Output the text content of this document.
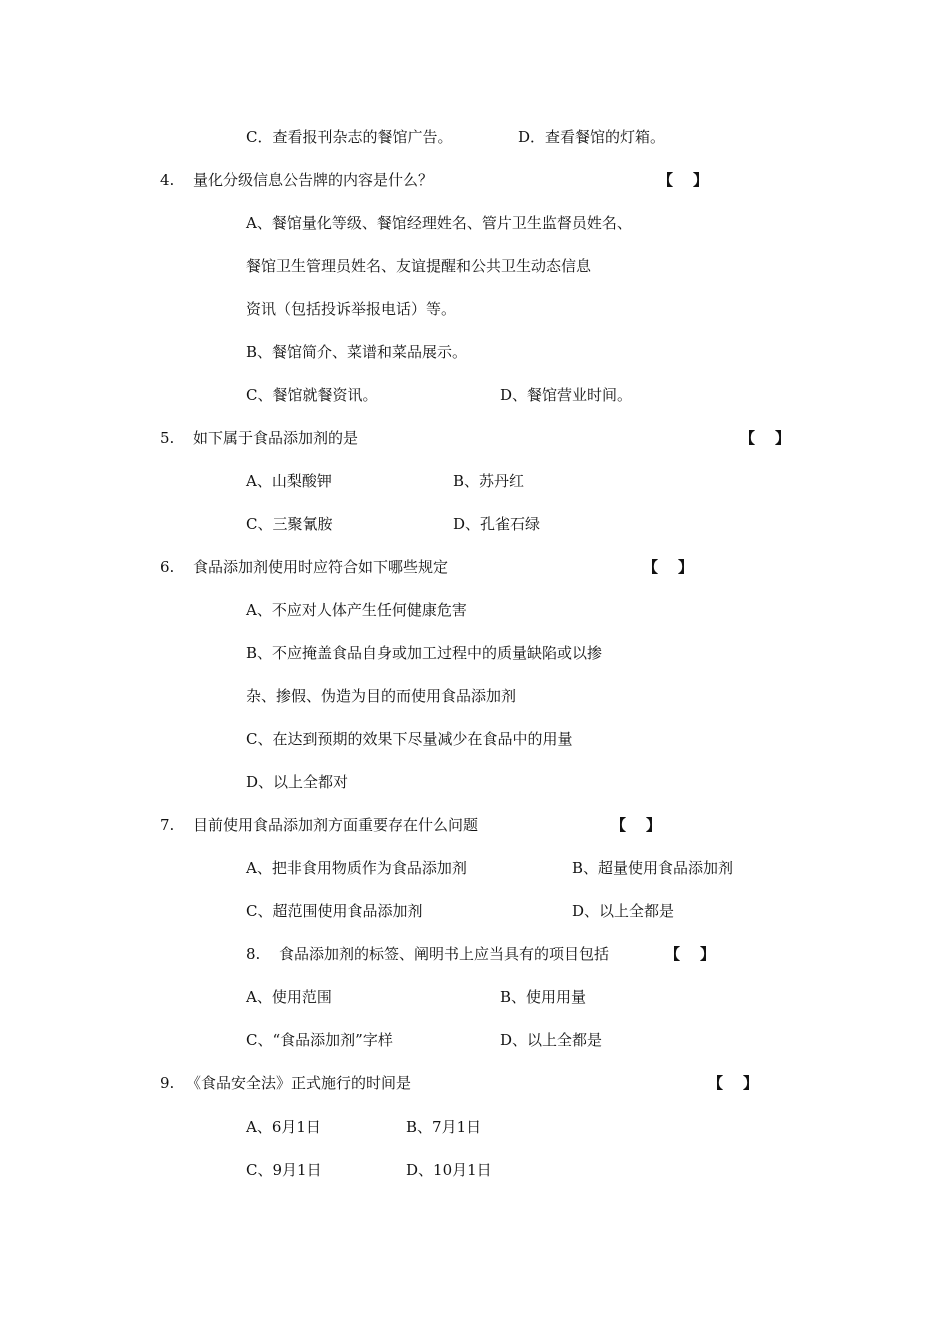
C．查看报刊杂志的餐馆广告。	D．查看餐馆的灯箱。
4. 量化分级信息公告牌的内容是什么？	【 】
A、餐馆量化等级、餐馆经理姓名、管片卫生监督员姓名、
餐馆卫生管理员姓名、友谊提醒和公共卫生动态信息
资讯（包括投诉举报电话）等。
B、餐馆简介、菜谱和菜品展示。
C、餐馆就餐资讯。	D、餐馆营业时间。
5. 如下属于食品添加剂的是	【 】
A、山梨酸钾	B、苏丹红
C、三聚氰胺	D、孔雀石绿
6. 食品添加剂使用时应符合如下哪些规定	【 】
A、不应对人体产生任何健康危害
B、不应掩盖食品自身或加工过程中的质量缺陷或以掺
杂、掺假、伪造为目的而使用食品添加剂
C、在达到预期的效果下尽量减少在食品中的用量
D、以上全都对
7. 目前使用食品添加剂方面重要存在什么问题	【 】
A、把非食用物质作为食品添加剂	B、超量使用食品添加剂
C、超范围使用食品添加剂	D、以上全都是
8. 食品添加剂的标签、阐明书上应当具有的项目包括	【 】
A、使用范围	B、使用用量
C、“食品添加剂”字样	D、以上全都是
9. 《食品安全法》正式施行的时间是	【 】
A、6月1日	B、7月1日
C、9月1日	D、10月1日
